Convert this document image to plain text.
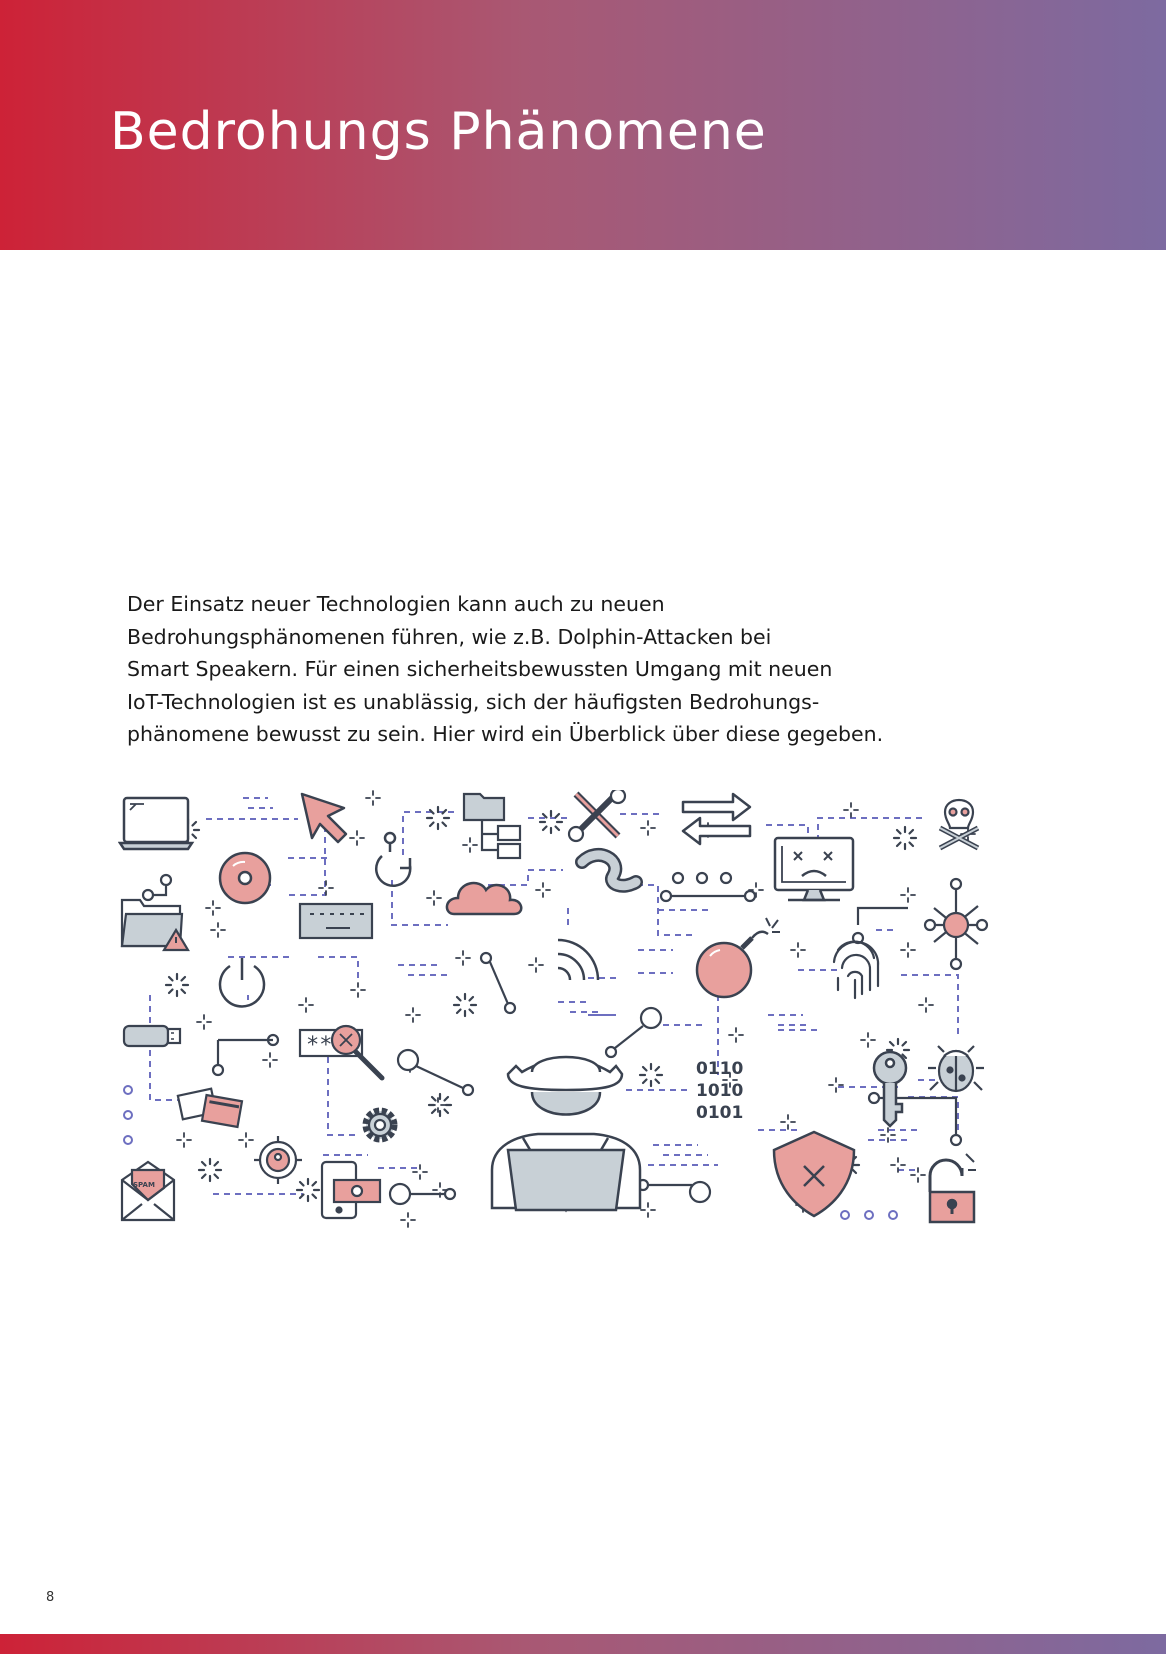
Bedrohungs Phänomene

Der Einsatz neuer Technologien kann auch zu neuen
Bedrohungsphänomenen führen, wie z.B. Dolphin-Attacken bei
Smart Speakern. Für einen sicherheitsbewussten Umgang mit neuen
IoT-Technologien ist es unablässig, sich der häufigsten Bedrohungs-
phänomene bewusst zu sein. Hier wird ein Überblick über diese gegeben.

**
0110
1010
0101
SPAM
8
